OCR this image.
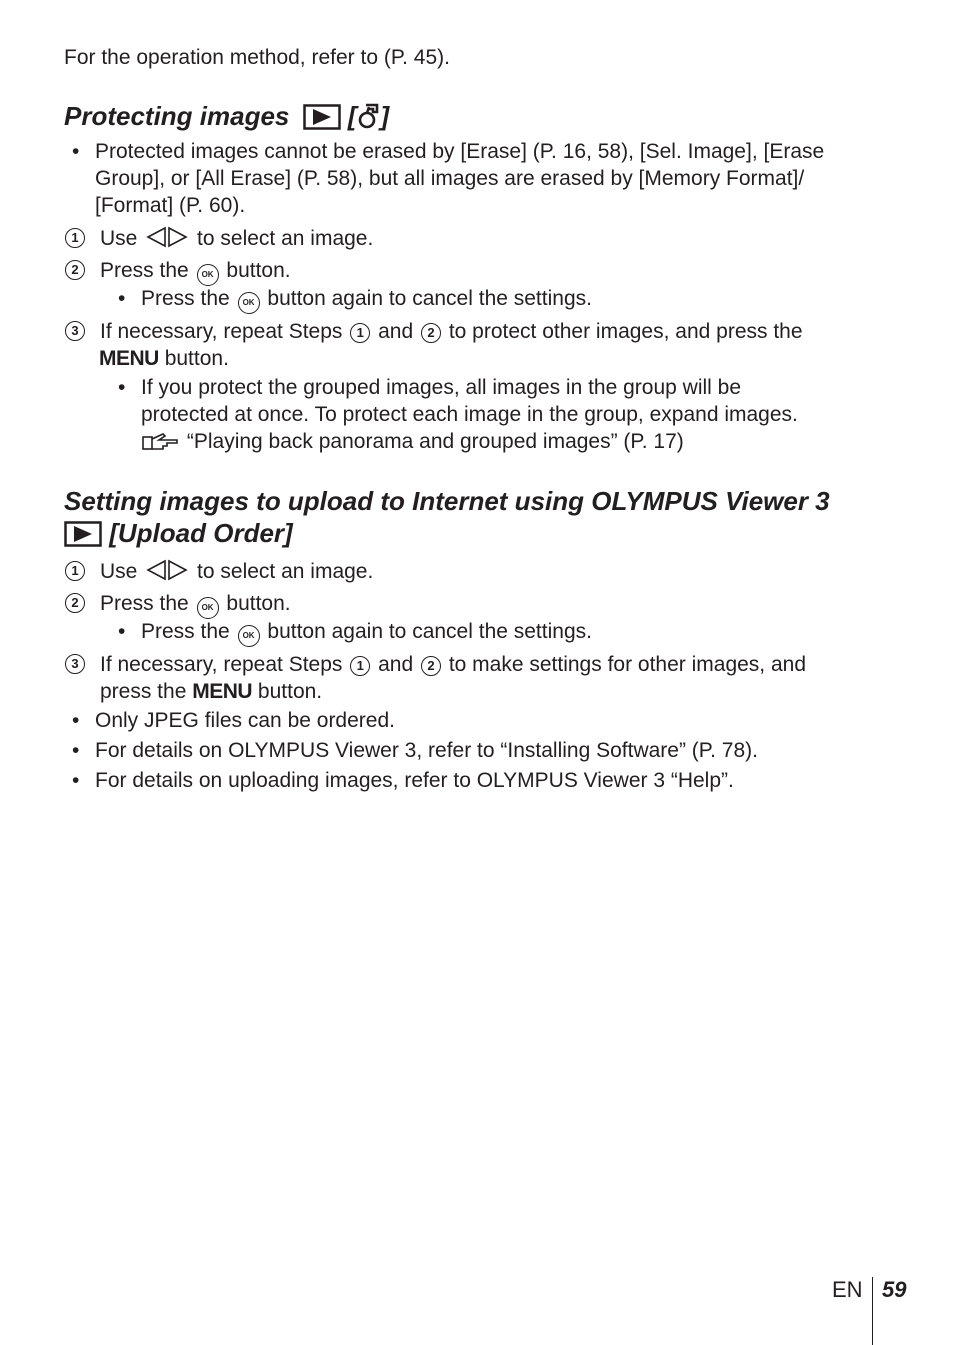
For the operation method, refer to (P. 45).
Protecting images [ ]
• Protected images cannot be erased by [Erase] (P. 16, 58), [Sel. Image], [Erase
Group], or [All Erase] (P. 58), but all images are erased by [Memory Format]/
[Format] (P. 60).
1	Use	to select an image.
2	Press the OK button.
• Press the OK button again to cancel the settings.
3	If necessary, repeat Steps 1 and 2 to protect other images, and press the
MENU button.
• If you protect the grouped images, all images in the group will be
protected at once. To protect each image in the group, expand images.
“Playing back panorama and grouped images” (P. 17)
Setting images to upload to Internet using OLYMPUS Viewer 3
[Upload Order]
1	Use	to select an image.
2	Press the OK button.
• Press the OK button again to cancel the settings.
3	If necessary, repeat Steps 1 and 2 to make settings for other images, and
press the MENU button.
• Only JPEG files can be ordered.
• For details on OLYMPUS Viewer 3, refer to “Installing Software” (P. 78).
• For details on uploading images, refer to OLYMPUS Viewer 3 “Help”.
EN 59
